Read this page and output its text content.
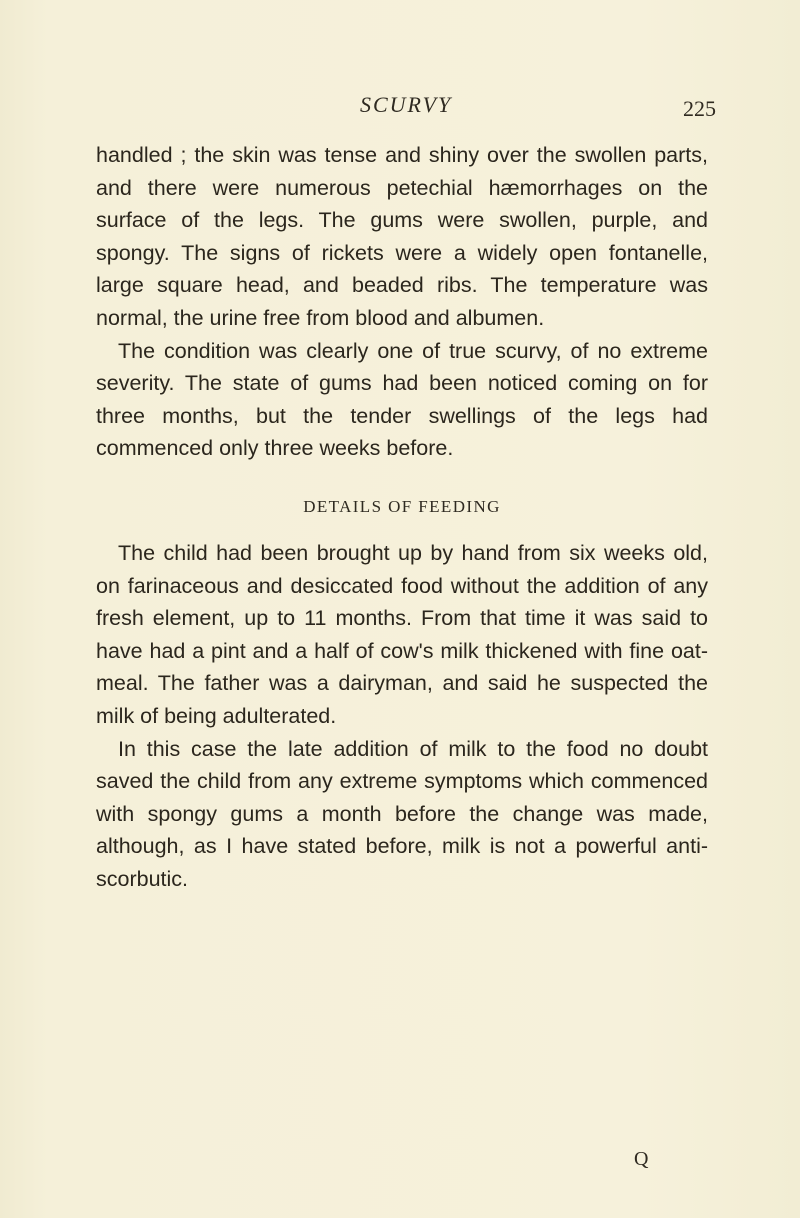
SCURVY	225

handled ; the skin was tense and shiny over the swollen parts, and there were numerous petechial hæmorrhages on the surface of the legs. The gums were swollen, purple, and spongy. The signs of rickets were a widely open fontanelle, large square head, and beaded ribs. The temperature was normal, the urine free from blood and albumen.

The condition was clearly one of true scurvy, of no extreme severity. The state of gums had been noticed coming on for three months, but the tender swellings of the legs had commenced only three weeks before.

DETAILS OF FEEDING

The child had been brought up by hand from six weeks old, on farinaceous and desiccated food without the addition of any fresh element, up to 11 months. From that time it was said to have had a pint and a half of cow's milk thickened with fine oat-meal. The father was a dairyman, and said he suspected the milk of being adulterated.

In this case the late addition of milk to the food no doubt saved the child from any extreme symptoms which commenced with spongy gums a month before the change was made, although, as I have stated before, milk is not a powerful anti-scorbutic.

Q
